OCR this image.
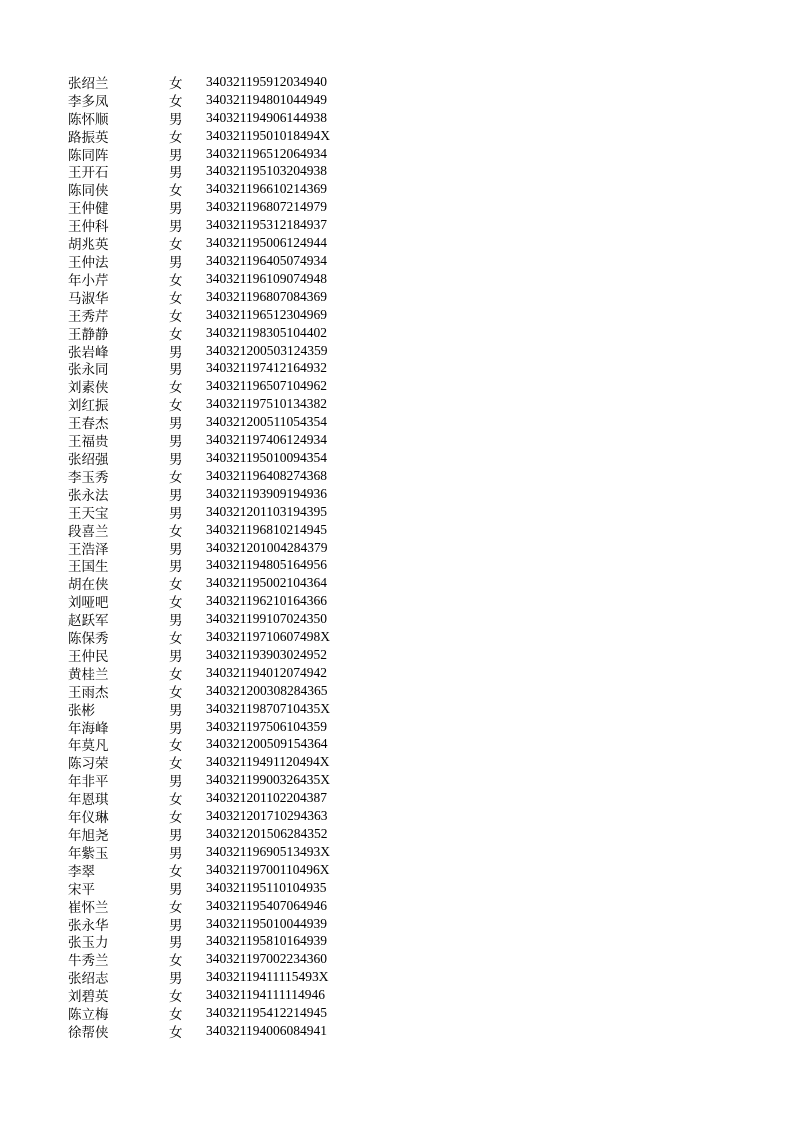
张绍兰	女	340321195912034940
李多凤	女	340321194801044949
陈怀顺	男	340321194906144938
路振英	女	34032119501018494X
陈同阵	男	340321196512064934
王开石	男	340321195103204938
陈同侠	女	340321196610214369
王仲健	男	340321196807214979
王仲科	男	340321195312184937
胡兆英	女	340321195006124944
王仲法	男	340321196405074934
年小芹	女	340321196109074948
马淑华	女	340321196807084369
王秀芹	女	340321196512304969
王静静	女	340321198305104402
张岩峰	男	340321200503124359
张永同	男	340321197412164932
刘素侠	女	340321196507104962
刘红振	女	340321197510134382
王春杰	男	340321200511054354
王福贵	男	340321197406124934
张绍强	男	340321195010094354
李玉秀	女	340321196408274368
张永法	男	340321193909194936
王天宝	男	340321201103194395
段喜兰	女	340321196810214945
王浩泽	男	340321201004284379
王国生	男	340321194805164956
胡在侠	女	340321195002104364
刘哑吧	女	340321196210164366
赵跃军	男	340321199107024350
陈保秀	女	34032119710607498X
王仲民	男	340321193903024952
黄桂兰	女	340321194012074942
王雨杰	女	340321200308284365
张彬	男	34032119870710435X
年海峰	男	340321197506104359
年莫凡	女	340321200509154364
陈习荣	女	34032119491120494X
年非平	男	34032119900326435X
年恩琪	女	340321201102204387
年仪琳	女	340321201710294363
年旭尧	男	340321201506284352
年紫玉	男	34032119690513493X
李翠	女	34032119700110496X
宋平	男	340321195110104935
崔怀兰	女	340321195407064946
张永华	男	340321195010044939
张玉力	男	340321195810164939
牛秀兰	女	340321197002234360
张绍志	男	34032119411115493X
刘碧英	女	340321194111114946
陈立梅	女	340321195412214945
徐帮侠	女	340321194006084941
